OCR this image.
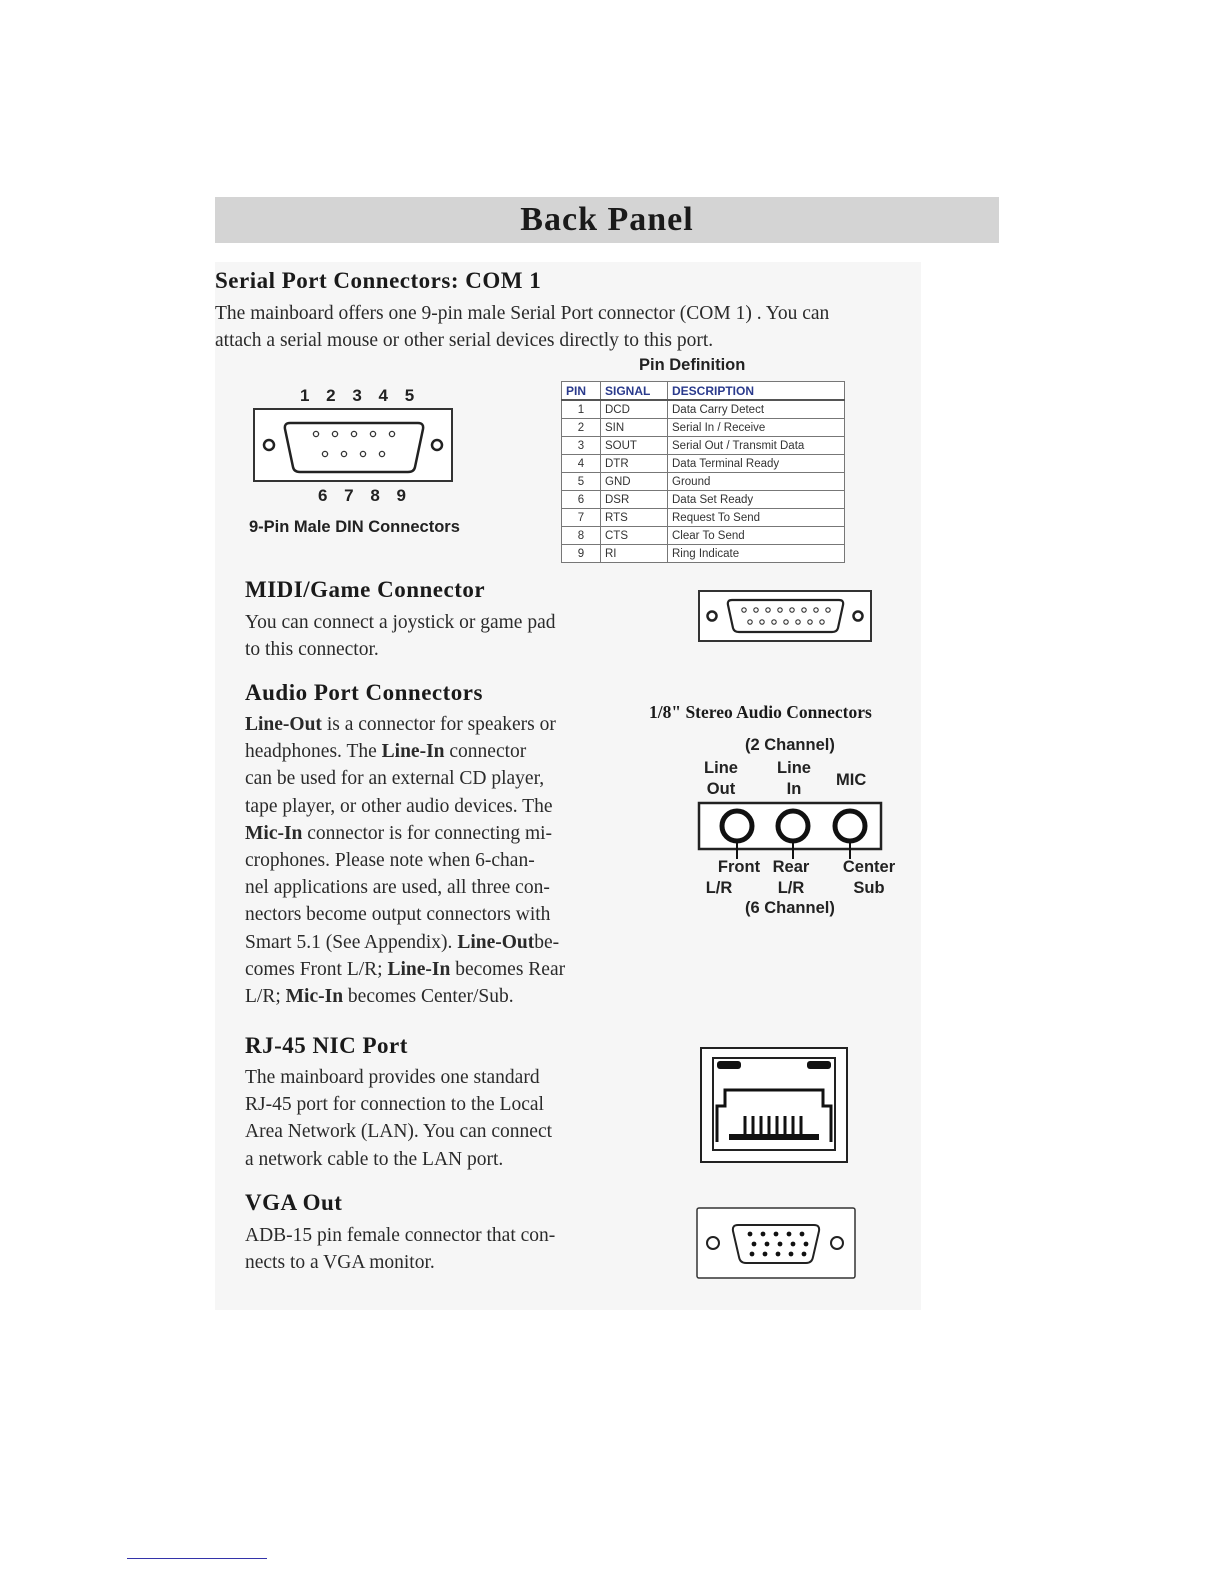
Back Panel
Serial Port Connectors: COM 1

The mainboard offers one 9-pin male Serial Port connector (COM 1) . You can

attach a serial mouse or other serial devices directly to this port.

1 2 3 4 5
6 7 8 9
9-Pin Male DIN Connectors
Pin Definition
PIN	SIGNAL	DESCRIPTION
1	DCD	Data Carry Detect
2	SIN	Serial In / Receive
3	SOUT	Serial Out / Transmit Data
4	DTR	Data Terminal Ready
5	GND	Ground
6	DSR	Data Set Ready
7	RTS	Request To Send
8	CTS	Clear To Send
9	RI	Ring Indicate
MIDI/Game Connector

You can connect a joystick or game pad

to this connector.

Audio Port Connectors

Line-Out is a connector for speakers or

headphones. The Line-In connector

can be used for an external CD player,

tape player, or other audio devices. The

Mic-In connector is for connecting mi-

crophones. Please note when 6-chan-

nel applications are used, all three con-

nectors become output connectors with

Smart 5.1 (See Appendix). Line-Outbe-

comes Front L/R; Line-In becomes Rear

L/R; Mic-In becomes Center/Sub.

1/8" Stereo Audio Connectors
(2 Channel)
Line
Out
Line
In	MIC
Front
L/R
Rear
L/R
Center
Sub
(6 Channel)
RJ-45 NIC Port

The mainboard provides one standard

RJ-45 port for connection to the Local

Area Network (LAN). You can connect

a network cable to the LAN port.

VGA Out

ADB-15 pin female connector that con-

nects to a VGA monitor.
